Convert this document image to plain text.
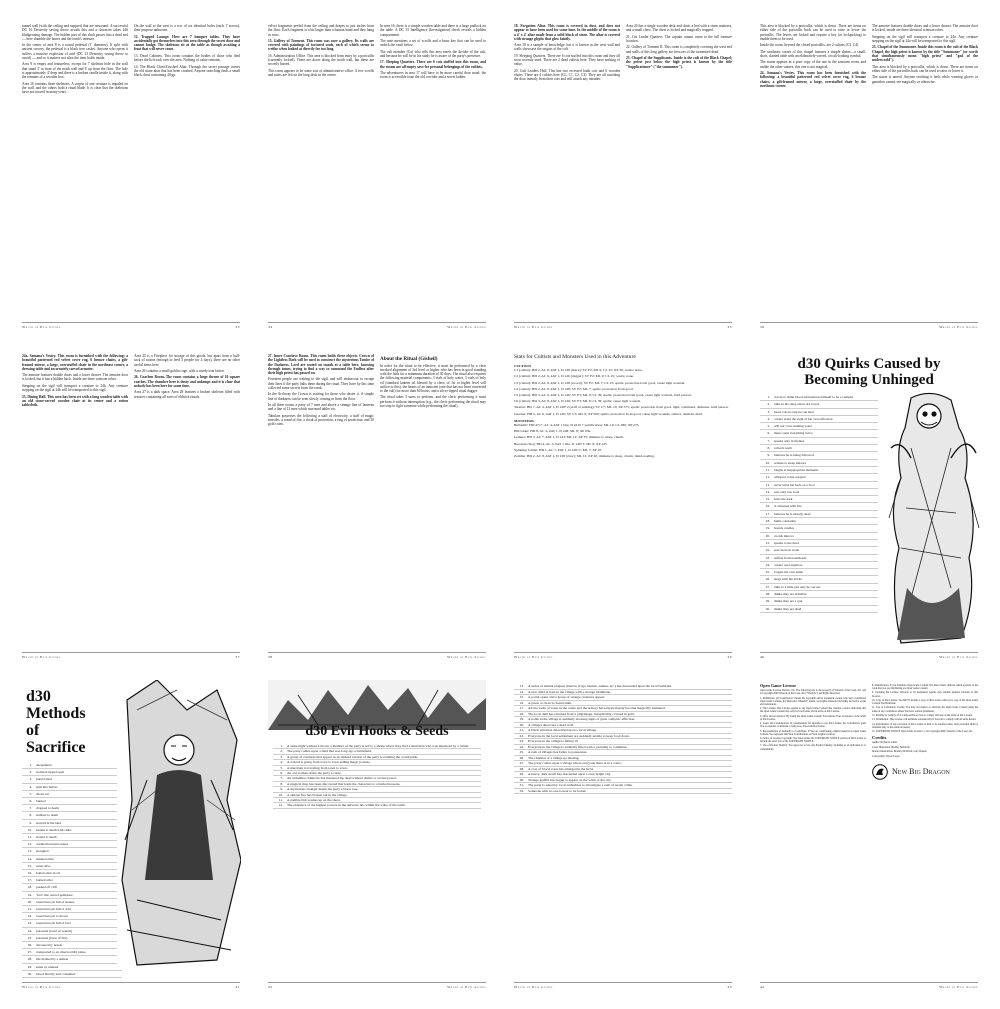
tunnel wall (with the ceiling and support) that are unwound. A successful DC 16 Dexterity saving throw avoids this and a character takes 1d6 bludgeoning damage. The hidden part of this shaft passes into a dead end — here shamble the bones and the tomb's treasure.

In the center of area 8 is a round pedestal (1' diameter). If split with ancient sorcery, the pedestal is a black iron casket. Anyone who opens it suffers a massive explosion of acid (DC 13 Dexterity saving throw to avoid) — and so it matters not what the item holds inside.

Area 9 is empty and featureless, except for 7 skeleton hide in the wall that stand 3' in front of the north wall and 6' up from the floor. The hole is approximately 4' deep and there is a broken candle inside it, along with the remains of a wooden box.

Area 10 contains three skeletons. A corpse of one creature is impaled on the wall, and the others hold a ritual blade. It is clear that the skeletons have not moved in many years.

On the wall to the west is a row of six identical holes (each 1' across), their purpose unknown.

12. Trapped Lounge. Here are 7 banquet tables. They have accidentally got themselves into this area through the secret door and cannot budge. The skeletons sit at the table as though awaiting a feast that will never come.

13. Dead Cabinets. This room contains the bodies of those who died before the lich took over the area. Nothing of value remains.

14. The Black Chest/Crushed Altar. Through the secret passage comes the old stone altar that has been crushed. Anyone searching finds a small black chest containing 40 gp.

Wrath of Evil Liches	33

velvet fragments peeled from the ceiling and drapes to just inches from the floor. Each fragment is a bit larger than a human hand and they hang in rows.

15. Gallery of Torment. This room was once a gallery. Its walls are covered with paintings of tortured souls, each of which seems to writhe when looked at directly for too long.

16. Administration Office. This area is blocked from entry by a portcullis (currently locked). There are doors along the north wall, but these are secretly barred.

This room appears to be some sort of administrative office. A few scrolls and notes are left on the long desk in the center.

In area 16, there is a simple wooden table and there is a large padlock on the table. A DC 15 Intelligence (Investigation) check reveals a hidden compartment.

The note mentions a set of scrolls and a brass key that can be used to unlock the vault below.

The cult member (Cu) who tells this area meets the divider of the cult, and because he will be in his study he is aware of the party's presence.

17. Sleeping Quarters. There are 6 cots stuffed into this room, and the rooms are all empty save for personal belongings of the cultists.

The adventurers in area 17 will have to be more careful than usual: the room is accessible from the old corridor and a secret ladder.

34	Wrath of Evil Liches

18. Forgotten Altar. This room is covered in dust, and does not appear to have been used for some time. In the middle of the room is a 4' x 4' altar made from a solid block of stone. The altar is covered with strange glyphs that glow faintly.

Area 18 is a sample of knowledge, but it is known as the west wall and walls showcase the origins of the cult.

19. Sleeping Quarters. There are 6 cots stuffed into this room and they all soon recently used. There are 2 dead cultists here. They have nothing of value.

20. Cult Leaders Hall. This has two recessed bunk cots and 6 wooden chairs. There are 4 cultists here (CL, C1, C2, C3). They are all watching the door intently from their cots and will attack any intruder.

Area 20 has a single wooden desk and chair, a bed with a straw mattress, and a small chest. The chest is locked and magically trapped.

21. Cut Leader Quarters. The captain cannot come to the full treasure location.

22. Gallery of Torment II. This room is completely covering the west end and walls of this long gallery are frescoes of the tormented dead.

23. Chapel of the Supplicants. Inside is the cult of the Black Chapel; the priest just below the high priest is known by the title "Supplicationer" ("the summoner").

Wrath of Evil Liches	35

This area is blocked by a portcullis, which is down. There are items on either side of the portcullis back can be used to raise or lower the portcullis. The levers are locked and require a key (or lockpicking) to enable them to be used.

Inside the room, beyond the closed portcullis, are 2 cultists (C3, C4).

The southeast corner of this chapel features a simple shrine—a small, short, slanted table with an elaborately-carved, occult-looking symbol.

The statue appears as a poor copy of the one in the sanctum room, and unlike the other statues, this one is not magical.

24. Samana's Vestry. This room has been furnished with the following: a beautiful patterned red velvet cover rug, 6 bronze chairs, a gilt-framed mirror, a large, overstuffed chair by the northeast corner.

The armoire features double doors and a lower drawer. The armoire door is locked, inside are three identical crimson robes.

Stepping on the sigil will transport a creature to 24a. Any creature stepping on the sigil at 24a will be transported to this sigil.

25. Chapel of the Summoner. Inside this room is the cult of the Black Chapel, the high priest is known by the title "Summoner" (or words that simultaneously mean "high priest" and "god of the underworld").

This area is blocked by a portcullis, which is down. There are items on either side of the portcullis back can be used to raise or lower it.

The statue is unreal. Anyone reaching it feels while wearing gloves or gauntlets cannot see magically or otherwise.

36	Wrath of Evil Liches

24a. Samana's Vestry. This room is furnished with the following: a beautiful patterned red velvet cover rug, 6 bronze chairs, a gilt-framed mirror, a large, overstuffed chair in the northeast corner, a dressing table and an ornately carved armoire.

The armoire features double doors and a lower drawer. The armoire door is locked, but it has a hidden latch. Inside are three crimson robes.

Stepping on the sigil will transport a creature to 24b. Any creature stepping on the sigil at 24b will be transported to this sigil.

25. Dining Hall. This area has been set with a long wooden table with an old stone-carved wooden chair at its center and a rotten tablecloth.

Area 25 is a Fireplace for storage of this goods, but apart from a half-sack of raisins (enough to feed 3 people for 4 days), there are no other useful items here.

Area 26 contains a small goblin cage, with a sturdy iron lattice.

26. Coachen Room. The room contains a large throne of 16 square coaches. The chamber here is dusty and unkempt and it is clear that nobody has been here for some time.

Area 27 is a dark space. Area 28 features a broken skeleton filled with textures containing all sorts of eldritch rituals.

Wrath of Evil Liches	37

27. Inner Conclave Room. This room holds three objects. Crown of the Lightless Dark will be used to construct the mysterious Tombe of the Darkness. Lord are seated on stands at a table here, knowing through tomes, trying to find a way to command the Endless after their high priest has passed on.

Fourteen people are waiting to the sigil, and will endeavour to escape their lines if the party halts them during the ritual. They have by this time collected some secrets from the tomb.

In the Archway the Crown is waiting for those who desire it. A simple line of darkness can be seen slowly coming in from the floor.

In all three rooms a party of 7 men and above a strange line of lanterns and a line of 12 men which surround tables etc.

Tabulars possesses the following a staff of electricity, a staff of magic missiles, a wand of fire, a cloak of protection, a ring of protection, and 50 gold coins.

About the Ritual (Gisheil)

In order for the ritual to be effective, it must be performed by a clear invoked alignment of 3rd level or higher who has been in good standing with the faith for a minimum duration of 30 days. The ritual also requires the following material components: 3 vials of holy water, 3 vials of holy oil (standard lantern oil blessed by a cleric of 1st or higher level will suffice to this), the hearts of an innocent (one that has not been converted to the cult) for more than 60 hours, and a silver-tipped ritual dagger.

The ritual takes 3 turns to perform, and the cleric performing it must perform it without interruption (e.g., the cleric performing the ritual may not stop to fight someone while performing the ritual).

38	Wrath of Evil Liches
Stats for Cultists and Monsters Used in this Adventure
CULTISTS

C1 (cultist): HD 2, AC 8, #AT 1, D 1d6 (mace); SV F2; ML 9; CL 25; XP 39; wants: none.

C2 (cultist): HD 2, AC 9, #AT 1, D 1d6 (dagger); SV F2; ML 9; CL 25; wants: none.

C3 (cultist): HD 2, AC 8, #AT 1, D 1d8 (sword); SV F2; ML 7; CL 25; spells: protection from good, cause light wounds.

C4 (cultist): HD 2, AC 8, #AT 1, D 1d8; SV F2; ML 7; spells: protection from good.

C5 (cultist): HD 3, AC 9, #AT 1, D 1d6; SV F3; ML 8; CL 39; spells: protection from good, cause light wounds, hold person.

C6 (cultist): HD 3, AC 8, #AT 1, D 1d6; SV F3; ML 8; CL 39; spells: cause light wounds.

Tarabur: HD 7, AC 4, #AT 1, D 1d8+2 (staff of striking); SV C7; ML 10; XP 575; spells: protection from good, light, command, darkness, hold person.

Gareme: HD 5, AC 6, #AT 1, D 1d6; SV C5; ML 9; XP 200; spells: protection from good, cause light wounds, silence, animate dead.

MONSTERS

Bullsimir: HD 4+1*, AC 4, #AT 1 bite; D 2d10 + petrification; ML 10; CL 280; XP 275.

Hill Giant: HD 8, AC 4, #AT 1, D 2d8; ML 8; XP 650.

Lemure: HD 3, AC 7, #AT 1, D 1d3; ML 12; XP 35; immune to sleep, charm.

Baronous Dog: HD 4, AC 5, #AT 1 bite, D 1d6+1; ML 9; XP 125.

Spinning Cultist: HD 1, AC 7, #AT 1, D 1d6+1; ML 7; XP 10.

Zombie: HD 2, AC 8, #AT 1, D 1d8 (claw); ML 12; XP 20; immune to sleep, charm, mind-reading.

Wrath of Evil Liches	39
d30 Quirks Caused by Becoming Unhinged
1.	craves to drink blood and believes himself to be a vampire
2.	talks in his sleep about old lovers
3.	hears voices only he can hear
4.	cannot stand the sight of his own reflection
5.	will not cross running water
6.	must count everything twice
7.	speaks only in rhymes
8.	collects teeth
9.	believes he is being followed
10.	refuses to sleep indoors
11.	laughs at inappropriate moments
12.	whispers to his weapon
13.	never turns his back on a door
14.	eats only raw food
15.	fears the dark
16.	is obsessed with fire
17.	believes he is already dead
18.	hums constantly
19.	hoards candles
20.	avoids mirrors
21.	speaks to the dead
22.	sees faces in walls
23.	suffers from nosebleeds
24.	cannot read anymore
25.	forgets his own name
26.	sings with the devils
27.	talks to a little girl only he can see
28.	thinks they are invisible
29.	thinks they are a god
30.	thinks they are dead
40	Wrath of Evil Liches
d30 Methods of Sacrifice
1.	decapitated
2.	stomach ripped open
3.	buried alive
4.	split into halves
5.	throat cut
6.	burned
7.	dropped to death
8.	stabbed to death
9.	starved in the land
10.	beaten to death with clubs
11.	stoned to death
12.	crushed between stones
13.	strangled
14.	skinned alive
15.	eaten alive
16.	boiled alive in oil
17.	burned alive
18.	pushed off cliff
19.	"fed" into sacred gemstone
20.	tossed into pit full of snakes
21.	tossed into pit full of acid
22.	tossed into pit to drown
23.	tossed into pit full of lava
24.	poisoned (bowl of venom)
25.	poisoned (brew of fire)
26.	devoured by beasts
27.	transported to an otherworldly plane
28.	life drained by a demon
29.	eaten by undead
30.	blood directly and consumed
Wrath of Evil Liches	41
d30 Evil Hooks & Seeds
1.	A stake night without a moon: a member of the party is led to a shrine where they find a dead man who was murdered by a cultist.
2.	The party comes upon a field that was long ago a battlefield.
3.	A group of creatures that appear as an undead version of the party is roaming the countryside.
4.	A wizard is going from town to town selling magic potions.
5.	A merchant is traveling from town to town.
6.	An old woman offers the party a curse.
7.	An alchemist claims he has mastered the dead without divine or arcane power.
8.	A magical map has been discovered that leads the characters to a buried treasure.
9.	A mysterious stranger hands the party a black rose.
10.	A sinister fire has broken out in the village.
11.	A zombie fish washes up on the shore.
12.	The existence of the highest powers in the universe lies within the walls of the tomb.
42	Wrath of Evil Liches
13.	A series of animal plagues (insects, frogs, beetles, snakes, etc.) has descended upon the local farmland.
14.	A new child is born in the village with a strange birthmark.
15.	A portal opens and a group of strange creatures appear.
16.	A priest or cleric is found slain.
17.	All the wells of water in the castle and the armory have mysteriously become magically animated.
18.	The local dam has returned from a pilgrimage, inexplicably covered in gold.
19.	A noble in the village is suddenly showing signs of great vampiric affliction.
20.	A villager discovers a dead wolf.
21.	A black wind has descended upon a local village.
22.	Everyone in the local settlement are suddenly unable to keep food down.
23.	Everyone in the village is falling ill.
24.	Everyone in the village is suddenly filled with a yearning to commune.
25.	A rash of villages has fallen to possession.
26.	The children of a village go missing.
27.	The party comes upon a village where everyone there is in a coma.
28.	A crop of blood roses has emerged in the field.
29.	A heavy, dark storm has descended upon a once bright city.
30.	Strange graffiti has begun to appear on the walls of the city.
31.	The party is asked by local authorities to investigate a rash of recent crime.
32.	Someone with no one is near to be found.
Wrath of Evil Liches	43
Open Game License

Open Game License Version 1.0a. The following text is the property of Wizards of the Coast, Inc. and is Copyright 2000 Wizards of the Coast, Inc ("Wizards"). All Rights Reserved.

1. Definitions: (a)"Contributors" means the copyright and/or trademark owners who have contributed Open Game Content; (b)"Derivative Material" means copyrighted material including derivative works and translations.

2. The License: This License applies to any Open Game Content that contains a notice indicating that the Open Game Content may only be Used under and in terms of this License.

3. Offer and Acceptance: By Using the Open Game Content You indicate Your acceptance of the terms of this License.

4. Grant and Consideration: In consideration for agreeing to use this License, the Contributors grant You a perpetual, worldwide, royalty-free, non-exclusive license.

5. Representation of Authority to Contribute: If You are contributing original material as Open Game Content, You represent that Your Contributions are Your original creation.

6. Notice of License Copyright: You must update the COPYRIGHT NOTICE portion of this License to include the exact text of the COPYRIGHT NOTICE.

7. Use of Product Identity: You agree not to Use any Product Identity, including as an indication as to compatibility.

8. Identification: If you distribute Open Game Content You must clearly indicate which portions of the work that you are distributing are Open Game Content.

9. Updating the License: Wizards or its designated Agents may publish updated versions of this License.

10. Copy of this License: You MUST include a copy of this License with every copy of the Open Game Content You Distribute.

11. Use of Contributor Credits: You may not market or advertise the Open Game Content using the name of any Contributor unless You have written permission.

12. Inability to Comply: If it is impossible for You to comply with any of the terms of this License.

13. Termination: This License will terminate automatically if You fail to comply with all terms herein.

14. Reformation: If any provision of this License is held to be unenforceable, such provision shall be reformed only to the extent necessary.

15. COPYRIGHT NOTICE Open Game License v 1.0a Copyright 2000, Wizards of the Coast, Inc.

Credits

Author: Richard Le Reis

Cover Illustration: Bradley McDevitt

Interior Illustrations: Bradley McDevitt, Gary Dupuis

Cartography: Dyson Logos

New Big Dragon
44	Wrath of Evil Liches
